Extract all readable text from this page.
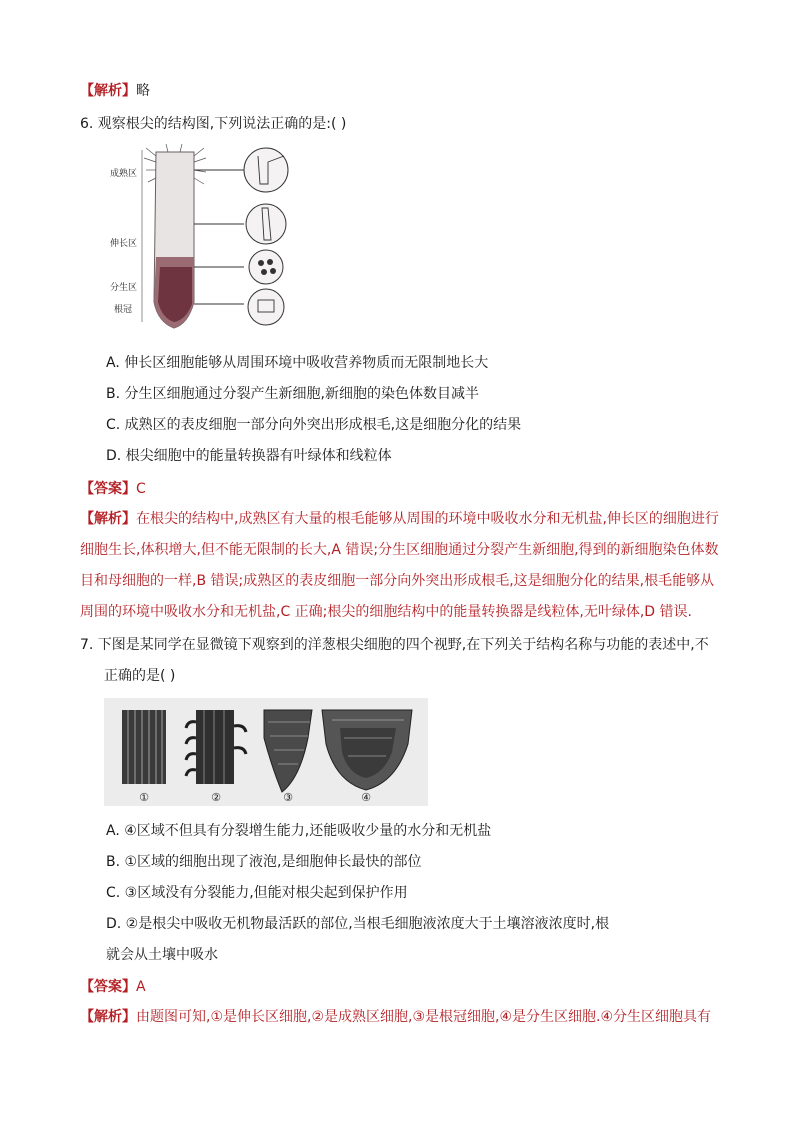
【解析】略
6. 观察根尖的结构图,下列说法正确的是:( )
成熟区
伸长区
分生区
根冠
A. 伸长区细胞能够从周围环境中吸收营养物质而无限制地长大
B. 分生区细胞通过分裂产生新细胞,新细胞的染色体数目减半
C. 成熟区的表皮细胞一部分向外突出形成根毛,这是细胞分化的结果
D. 根尖细胞中的能量转换器有叶绿体和线粒体
【答案】C
【解析】在根尖的结构中,成熟区有大量的根毛能够从周围的环境中吸收水分和无机盐,伸长区的细胞进行
细胞生长,体积增大,但不能无限制的长大,A 错误;分生区细胞通过分裂产生新细胞,得到的新细胞染色体数
目和母细胞的一样,B 错误;成熟区的表皮细胞一部分向外突出形成根毛,这是细胞分化的结果,根毛能够从
周围的环境中吸收水分和无机盐,C 正确;根尖的细胞结构中的能量转换器是线粒体,无叶绿体,D 错误.
7. 下图是某同学在显微镜下观察到的洋葱根尖细胞的四个视野,在下列关于结构名称与功能的表述中,不
正确的是( )
①	②	③	④
A. ④区域不但具有分裂增生能力,还能吸收少量的水分和无机盐
B. ①区域的细胞出现了液泡,是细胞伸长最快的部位
C. ③区域没有分裂能力,但能对根尖起到保护作用
D. ②是根尖中吸收无机物最活跃的部位,当根毛细胞液浓度大于土壤溶液浓度时,根
就会从土壤中吸水
【答案】A
【解析】由题图可知,①是伸长区细胞,②是成熟区细胞,③是根冠细胞,④是分生区细胞.④分生区细胞具有
